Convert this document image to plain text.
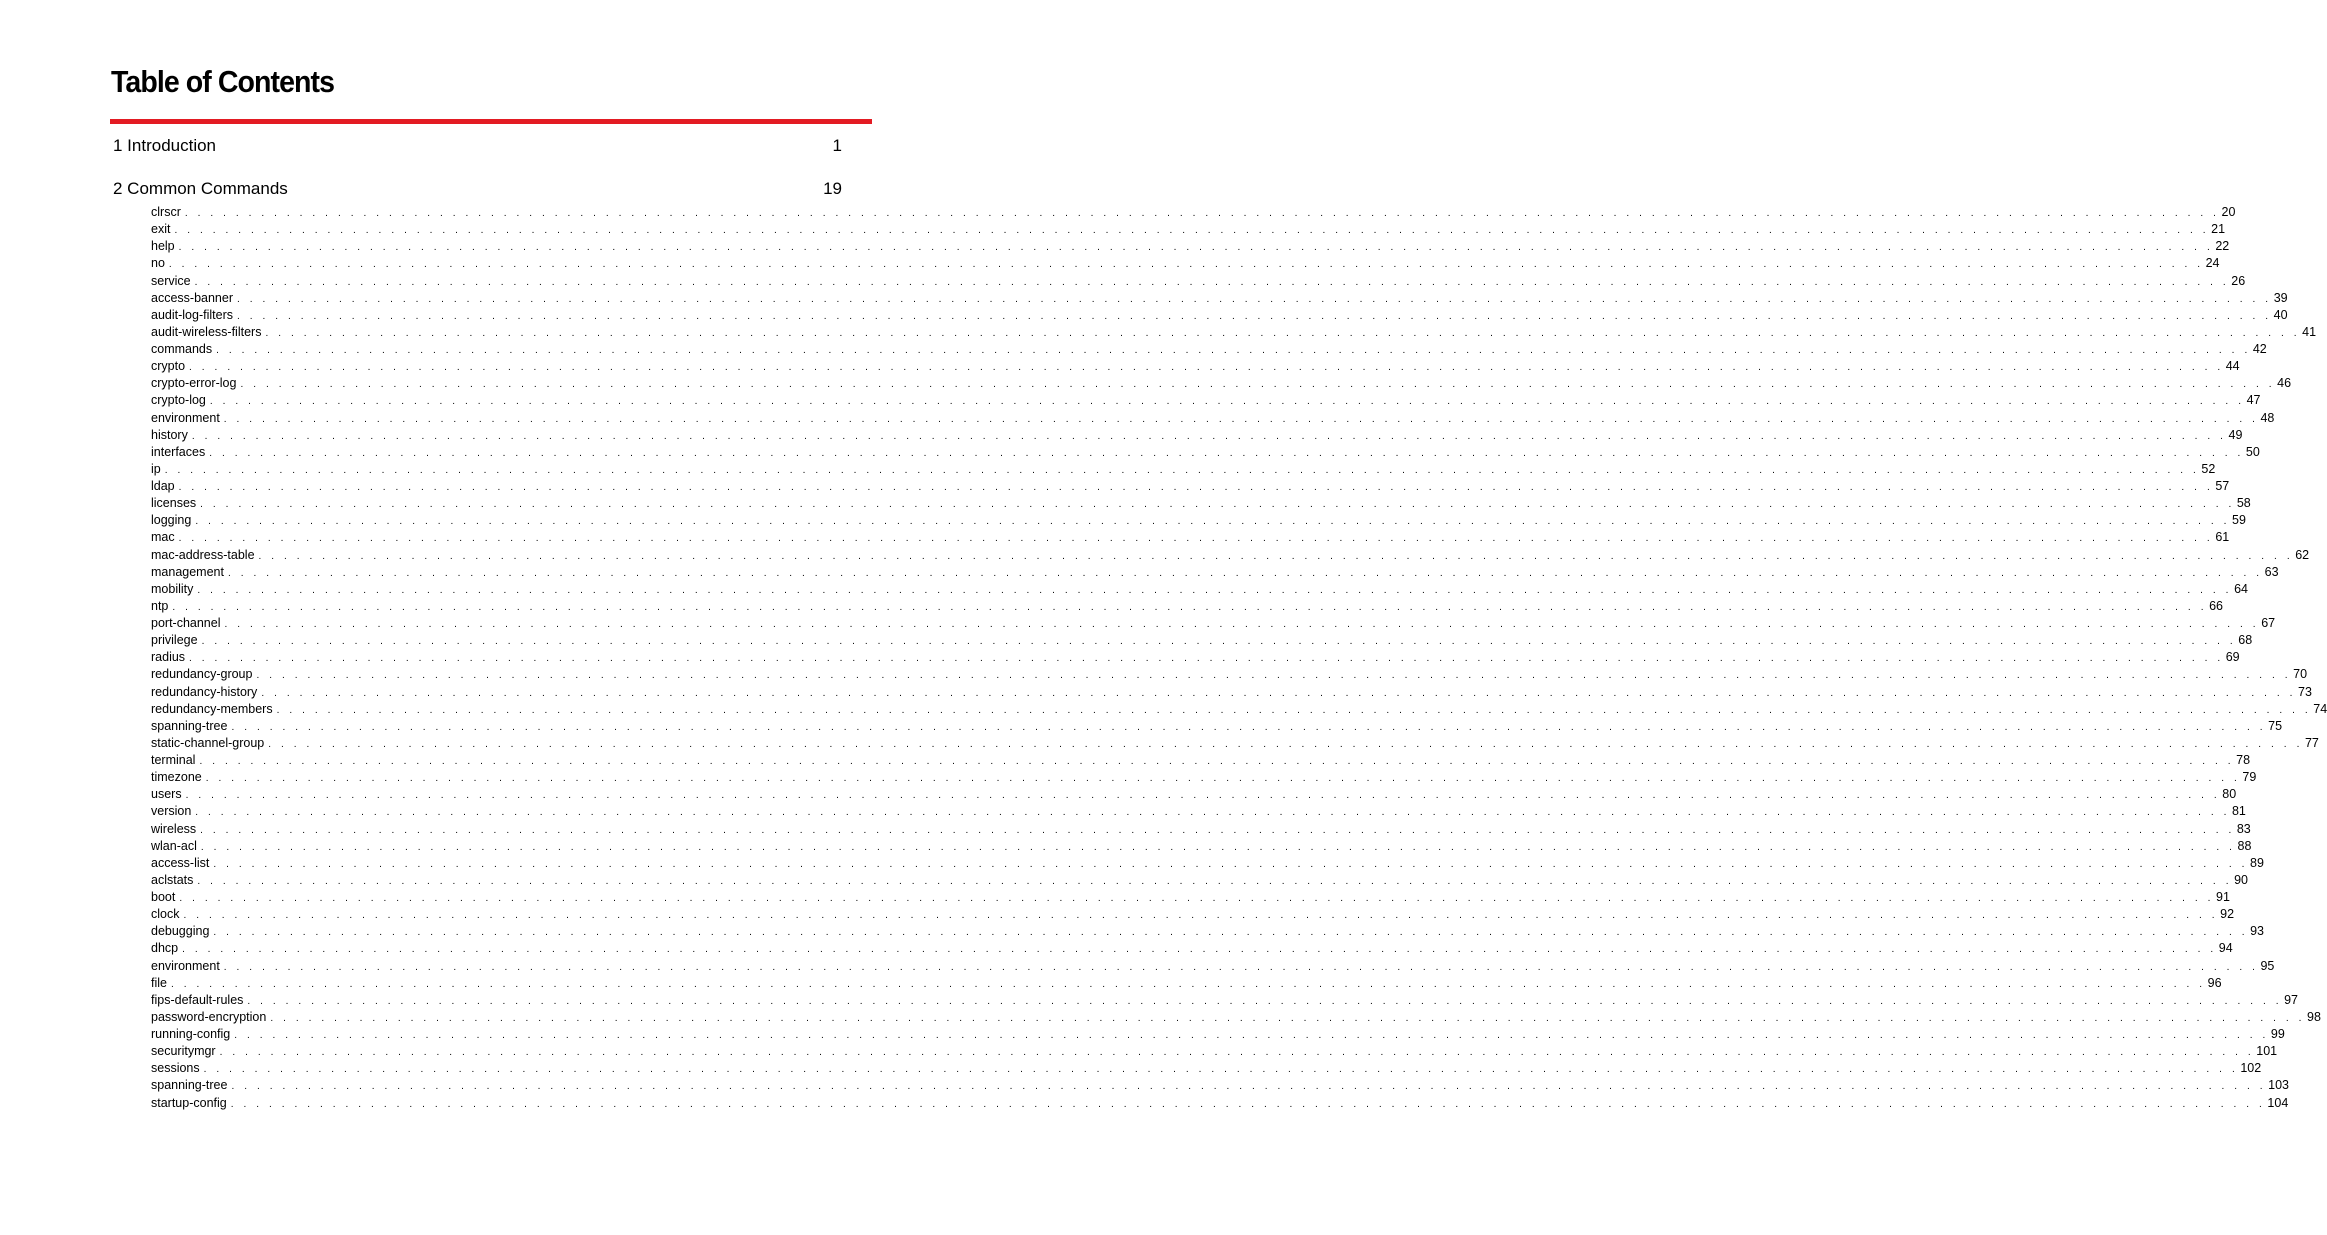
Table of Contents
1 Introduction	1
2 Common Commands	19
clrscr . . . . . . . . . . . . . . . . . . . . . . . . . . . . . . . . . . . . . . . . . . . . . . . . . . . . . . . . . . . . . . . . . . . . . . . . . . . . . . . . . . . . . . . . . . . . . . . . . . . . . . . . . . . . . . . . . . . . . . . . . . . . . . . . . . . . . . . . . . . . . . . . . . . . . . . . . . . . . . . . 20
exit . . . . . . . . . . . . . . . . . . . . . . . . . . . . . . . . . . . . . . . . . . . . . . . . . . . . . . . . . . . . . . . . . . . . . . . . . . . . . . . . . . . . . . . . . . . . . . . . . . . . . . . . . . . . . . . . . . . . . . . . . . . . . . . . . . . . . . . . . . . . . . . . . . . . . . . . . . . . . . . . 21
help . . . . . . . . . . . . . . . . . . . . . . . . . . . . . . . . . . . . . . . . . . . . . . . . . . . . . . . . . . . . . . . . . . . . . . . . . . . . . . . . . . . . . . . . . . . . . . . . . . . . . . . . . . . . . . . . . . . . . . . . . . . . . . . . . . . . . . . . . . . . . . . . . . . . . . . . . . . . . . . . 22
no . . . . . . . . . . . . . . . . . . . . . . . . . . . . . . . . . . . . . . . . . . . . . . . . . . . . . . . . . . . . . . . . . . . . . . . . . . . . . . . . . . . . . . . . . . . . . . . . . . . . . . . . . . . . . . . . . . . . . . . . . . . . . . . . . . . . . . . . . . . . . . . . . . . . . . . . . . . . . . . . 24
service . . . . . . . . . . . . . . . . . . . . . . . . . . . . . . . . . . . . . . . . . . . . . . . . . . . . . . . . . . . . . . . . . . . . . . . . . . . . . . . . . . . . . . . . . . . . . . . . . . . . . . . . . . . . . . . . . . . . . . . . . . . . . . . . . . . . . . . . . . . . . . . . . . . . . . . . . . . . . . . . 26
access-banner . . . . . . . . . . . . . . . . . . . . . . . . . . . . . . . . . . . . . . . . . . . . . . . . . . . . . . . . . . . . . . . . . . . . . . . . . . . . . . . . . . . . . . . . . . . . . . . . . . . . . . . . . . . . . . . . . . . . . . . . . . . . . . . . . . . . . . . . . . . . . . . . . . . . . . . . . . . . . . . . 39
audit-log-filters . . . . . . . . . . . . . . . . . . . . . . . . . . . . . . . . . . . . . . . . . . . . . . . . . . . . . . . . . . . . . . . . . . . . . . . . . . . . . . . . . . . . . . . . . . . . . . . . . . . . . . . . . . . . . . . . . . . . . . . . . . . . . . . . . . . . . . . . . . . . . . . . . . . . . . . . . . . . . . . . 40
audit-wireless-filters . . . . . . . . . . . . . . . . . . . . . . . . . . . . . . . . . . . . . . . . . . . . . . . . . . . . . . . . . . . . . . . . . . . . . . . . . . . . . . . . . . . . . . . . . . . . . . . . . . . . . . . . . . . . . . . . . . . . . . . . . . . . . . . . . . . . . . . . . . . . . . . . . . . . . . . . . . . . . . . . 41
commands . . . . . . . . . . . . . . . . . . . . . . . . . . . . . . . . . . . . . . . . . . . . . . . . . . . . . . . . . . . . . . . . . . . . . . . . . . . . . . . . . . . . . . . . . . . . . . . . . . . . . . . . . . . . . . . . . . . . . . . . . . . . . . . . . . . . . . . . . . . . . . . . . . . . . . . . . . . . . . . . 42
crypto . . . . . . . . . . . . . . . . . . . . . . . . . . . . . . . . . . . . . . . . . . . . . . . . . . . . . . . . . . . . . . . . . . . . . . . . . . . . . . . . . . . . . . . . . . . . . . . . . . . . . . . . . . . . . . . . . . . . . . . . . . . . . . . . . . . . . . . . . . . . . . . . . . . . . . . . . . . . . . . . 44
crypto-error-log . . . . . . . . . . . . . . . . . . . . . . . . . . . . . . . . . . . . . . . . . . . . . . . . . . . . . . . . . . . . . . . . . . . . . . . . . . . . . . . . . . . . . . . . . . . . . . . . . . . . . . . . . . . . . . . . . . . . . . . . . . . . . . . . . . . . . . . . . . . . . . . . . . . . . . . . . . . . . . . . 46
crypto-log . . . . . . . . . . . . . . . . . . . . . . . . . . . . . . . . . . . . . . . . . . . . . . . . . . . . . . . . . . . . . . . . . . . . . . . . . . . . . . . . . . . . . . . . . . . . . . . . . . . . . . . . . . . . . . . . . . . . . . . . . . . . . . . . . . . . . . . . . . . . . . . . . . . . . . . . . . . . . . . . 47
environment . . . . . . . . . . . . . . . . . . . . . . . . . . . . . . . . . . . . . . . . . . . . . . . . . . . . . . . . . . . . . . . . . . . . . . . . . . . . . . . . . . . . . . . . . . . . . . . . . . . . . . . . . . . . . . . . . . . . . . . . . . . . . . . . . . . . . . . . . . . . . . . . . . . . . . . . . . . . . . . . 48
history . . . . . . . . . . . . . . . . . . . . . . . . . . . . . . . . . . . . . . . . . . . . . . . . . . . . . . . . . . . . . . . . . . . . . . . . . . . . . . . . . . . . . . . . . . . . . . . . . . . . . . . . . . . . . . . . . . . . . . . . . . . . . . . . . . . . . . . . . . . . . . . . . . . . . . . . . . . . . . . . 49
interfaces . . . . . . . . . . . . . . . . . . . . . . . . . . . . . . . . . . . . . . . . . . . . . . . . . . . . . . . . . . . . . . . . . . . . . . . . . . . . . . . . . . . . . . . . . . . . . . . . . . . . . . . . . . . . . . . . . . . . . . . . . . . . . . . . . . . . . . . . . . . . . . . . . . . . . . . . . . . . . . . . 50
ip . . . . . . . . . . . . . . . . . . . . . . . . . . . . . . . . . . . . . . . . . . . . . . . . . . . . . . . . . . . . . . . . . . . . . . . . . . . . . . . . . . . . . . . . . . . . . . . . . . . . . . . . . . . . . . . . . . . . . . . . . . . . . . . . . . . . . . . . . . . . . . . . . . . . . . . . . . . . . . . . 52
ldap . . . . . . . . . . . . . . . . . . . . . . . . . . . . . . . . . . . . . . . . . . . . . . . . . . . . . . . . . . . . . . . . . . . . . . . . . . . . . . . . . . . . . . . . . . . . . . . . . . . . . . . . . . . . . . . . . . . . . . . . . . . . . . . . . . . . . . . . . . . . . . . . . . . . . . . . . . . . . . . . 57
licenses . . . . . . . . . . . . . . . . . . . . . . . . . . . . . . . . . . . . . . . . . . . . . . . . . . . . . . . . . . . . . . . . . . . . . . . . . . . . . . . . . . . . . . . . . . . . . . . . . . . . . . . . . . . . . . . . . . . . . . . . . . . . . . . . . . . . . . . . . . . . . . . . . . . . . . . . . . . . . . . . 58
logging . . . . . . . . . . . . . . . . . . . . . . . . . . . . . . . . . . . . . . . . . . . . . . . . . . . . . . . . . . . . . . . . . . . . . . . . . . . . . . . . . . . . . . . . . . . . . . . . . . . . . . . . . . . . . . . . . . . . . . . . . . . . . . . . . . . . . . . . . . . . . . . . . . . . . . . . . . . . . . . . 59
mac . . . . . . . . . . . . . . . . . . . . . . . . . . . . . . . . . . . . . . . . . . . . . . . . . . . . . . . . . . . . . . . . . . . . . . . . . . . . . . . . . . . . . . . . . . . . . . . . . . . . . . . . . . . . . . . . . . . . . . . . . . . . . . . . . . . . . . . . . . . . . . . . . . . . . . . . . . . . . . . . 61
mac-address-table . . . . . . . . . . . . . . . . . . . . . . . . . . . . . . . . . . . . . . . . . . . . . . . . . . . . . . . . . . . . . . . . . . . . . . . . . . . . . . . . . . . . . . . . . . . . . . . . . . . . . . . . . . . . . . . . . . . . . . . . . . . . . . . . . . . . . . . . . . . . . . . . . . . . . . . . . . . . . . . . 62
management . . . . . . . . . . . . . . . . . . . . . . . . . . . . . . . . . . . . . . . . . . . . . . . . . . . . . . . . . . . . . . . . . . . . . . . . . . . . . . . . . . . . . . . . . . . . . . . . . . . . . . . . . . . . . . . . . . . . . . . . . . . . . . . . . . . . . . . . . . . . . . . . . . . . . . . . . . . . . . . . 63
mobility . . . . . . . . . . . . . . . . . . . . . . . . . . . . . . . . . . . . . . . . . . . . . . . . . . . . . . . . . . . . . . . . . . . . . . . . . . . . . . . . . . . . . . . . . . . . . . . . . . . . . . . . . . . . . . . . . . . . . . . . . . . . . . . . . . . . . . . . . . . . . . . . . . . . . . . . . . . . . . . . 64
ntp . . . . . . . . . . . . . . . . . . . . . . . . . . . . . . . . . . . . . . . . . . . . . . . . . . . . . . . . . . . . . . . . . . . . . . . . . . . . . . . . . . . . . . . . . . . . . . . . . . . . . . . . . . . . . . . . . . . . . . . . . . . . . . . . . . . . . . . . . . . . . . . . . . . . . . . . . . . . . . . . 66
port-channel . . . . . . . . . . . . . . . . . . . . . . . . . . . . . . . . . . . . . . . . . . . . . . . . . . . . . . . . . . . . . . . . . . . . . . . . . . . . . . . . . . . . . . . . . . . . . . . . . . . . . . . . . . . . . . . . . . . . . . . . . . . . . . . . . . . . . . . . . . . . . . . . . . . . . . . . . . . . . . . . 67
privilege . . . . . . . . . . . . . . . . . . . . . . . . . . . . . . . . . . . . . . . . . . . . . . . . . . . . . . . . . . . . . . . . . . . . . . . . . . . . . . . . . . . . . . . . . . . . . . . . . . . . . . . . . . . . . . . . . . . . . . . . . . . . . . . . . . . . . . . . . . . . . . . . . . . . . . . . . . . . . . . . 68
radius . . . . . . . . . . . . . . . . . . . . . . . . . . . . . . . . . . . . . . . . . . . . . . . . . . . . . . . . . . . . . . . . . . . . . . . . . . . . . . . . . . . . . . . . . . . . . . . . . . . . . . . . . . . . . . . . . . . . . . . . . . . . . . . . . . . . . . . . . . . . . . . . . . . . . . . . . . . . . . . . 69
redundancy-group . . . . . . . . . . . . . . . . . . . . . . . . . . . . . . . . . . . . . . . . . . . . . . . . . . . . . . . . . . . . . . . . . . . . . . . . . . . . . . . . . . . . . . . . . . . . . . . . . . . . . . . . . . . . . . . . . . . . . . . . . . . . . . . . . . . . . . . . . . . . . . . . . . . . . . . . . . . . . . . . 70
redundancy-history . . . . . . . . . . . . . . . . . . . . . . . . . . . . . . . . . . . . . . . . . . . . . . . . . . . . . . . . . . . . . . . . . . . . . . . . . . . . . . . . . . . . . . . . . . . . . . . . . . . . . . . . . . . . . . . . . . . . . . . . . . . . . . . . . . . . . . . . . . . . . . . . . . . . . . . . . . . . . . . . 73
redundancy-members . . . . . . . . . . . . . . . . . . . . . . . . . . . . . . . . . . . . . . . . . . . . . . . . . . . . . . . . . . . . . . . . . . . . . . . . . . . . . . . . . . . . . . . . . . . . . . . . . . . . . . . . . . . . . . . . . . . . . . . . . . . . . . . . . . . . . . . . . . . . . . . . . . . . . . . . . . . . . . . . 74
spanning-tree . . . . . . . . . . . . . . . . . . . . . . . . . . . . . . . . . . . . . . . . . . . . . . . . . . . . . . . . . . . . . . . . . . . . . . . . . . . . . . . . . . . . . . . . . . . . . . . . . . . . . . . . . . . . . . . . . . . . . . . . . . . . . . . . . . . . . . . . . . . . . . . . . . . . . . . . . . . . . . . . 75
static-channel-group . . . . . . . . . . . . . . . . . . . . . . . . . . . . . . . . . . . . . . . . . . . . . . . . . . . . . . . . . . . . . . . . . . . . . . . . . . . . . . . . . . . . . . . . . . . . . . . . . . . . . . . . . . . . . . . . . . . . . . . . . . . . . . . . . . . . . . . . . . . . . . . . . . . . . . . . . . . . . . . . 77
terminal . . . . . . . . . . . . . . . . . . . . . . . . . . . . . . . . . . . . . . . . . . . . . . . . . . . . . . . . . . . . . . . . . . . . . . . . . . . . . . . . . . . . . . . . . . . . . . . . . . . . . . . . . . . . . . . . . . . . . . . . . . . . . . . . . . . . . . . . . . . . . . . . . . . . . . . . . . . . . . . . 78
timezone . . . . . . . . . . . . . . . . . . . . . . . . . . . . . . . . . . . . . . . . . . . . . . . . . . . . . . . . . . . . . . . . . . . . . . . . . . . . . . . . . . . . . . . . . . . . . . . . . . . . . . . . . . . . . . . . . . . . . . . . . . . . . . . . . . . . . . . . . . . . . . . . . . . . . . . . . . . . . . . . 79
users . . . . . . . . . . . . . . . . . . . . . . . . . . . . . . . . . . . . . . . . . . . . . . . . . . . . . . . . . . . . . . . . . . . . . . . . . . . . . . . . . . . . . . . . . . . . . . . . . . . . . . . . . . . . . . . . . . . . . . . . . . . . . . . . . . . . . . . . . . . . . . . . . . . . . . . . . . . . . . . . 80
version . . . . . . . . . . . . . . . . . . . . . . . . . . . . . . . . . . . . . . . . . . . . . . . . . . . . . . . . . . . . . . . . . . . . . . . . . . . . . . . . . . . . . . . . . . . . . . . . . . . . . . . . . . . . . . . . . . . . . . . . . . . . . . . . . . . . . . . . . . . . . . . . . . . . . . . . . . . . . . . . 81
wireless . . . . . . . . . . . . . . . . . . . . . . . . . . . . . . . . . . . . . . . . . . . . . . . . . . . . . . . . . . . . . . . . . . . . . . . . . . . . . . . . . . . . . . . . . . . . . . . . . . . . . . . . . . . . . . . . . . . . . . . . . . . . . . . . . . . . . . . . . . . . . . . . . . . . . . . . . . . . . . . . 83
wlan-acl . . . . . . . . . . . . . . . . . . . . . . . . . . . . . . . . . . . . . . . . . . . . . . . . . . . . . . . . . . . . . . . . . . . . . . . . . . . . . . . . . . . . . . . . . . . . . . . . . . . . . . . . . . . . . . . . . . . . . . . . . . . . . . . . . . . . . . . . . . . . . . . . . . . . . . . . . . . . . . . . 88
access-list . . . . . . . . . . . . . . . . . . . . . . . . . . . . . . . . . . . . . . . . . . . . . . . . . . . . . . . . . . . . . . . . . . . . . . . . . . . . . . . . . . . . . . . . . . . . . . . . . . . . . . . . . . . . . . . . . . . . . . . . . . . . . . . . . . . . . . . . . . . . . . . . . . . . . . . . . . . . . . . . 89
aclstats . . . . . . . . . . . . . . . . . . . . . . . . . . . . . . . . . . . . . . . . . . . . . . . . . . . . . . . . . . . . . . . . . . . . . . . . . . . . . . . . . . . . . . . . . . . . . . . . . . . . . . . . . . . . . . . . . . . . . . . . . . . . . . . . . . . . . . . . . . . . . . . . . . . . . . . . . . . . . . . . 90
boot . . . . . . . . . . . . . . . . . . . . . . . . . . . . . . . . . . . . . . . . . . . . . . . . . . . . . . . . . . . . . . . . . . . . . . . . . . . . . . . . . . . . . . . . . . . . . . . . . . . . . . . . . . . . . . . . . . . . . . . . . . . . . . . . . . . . . . . . . . . . . . . . . . . . . . . . . . . . . . . . 91
clock . . . . . . . . . . . . . . . . . . . . . . . . . . . . . . . . . . . . . . . . . . . . . . . . . . . . . . . . . . . . . . . . . . . . . . . . . . . . . . . . . . . . . . . . . . . . . . . . . . . . . . . . . . . . . . . . . . . . . . . . . . . . . . . . . . . . . . . . . . . . . . . . . . . . . . . . . . . . . . . . 92
debugging . . . . . . . . . . . . . . . . . . . . . . . . . . . . . . . . . . . . . . . . . . . . . . . . . . . . . . . . . . . . . . . . . . . . . . . . . . . . . . . . . . . . . . . . . . . . . . . . . . . . . . . . . . . . . . . . . . . . . . . . . . . . . . . . . . . . . . . . . . . . . . . . . . . . . . . . . . . . . . . . 93
dhcp . . . . . . . . . . . . . . . . . . . . . . . . . . . . . . . . . . . . . . . . . . . . . . . . . . . . . . . . . . . . . . . . . . . . . . . . . . . . . . . . . . . . . . . . . . . . . . . . . . . . . . . . . . . . . . . . . . . . . . . . . . . . . . . . . . . . . . . . . . . . . . . . . . . . . . . . . . . . . . . . 94
environment . . . . . . . . . . . . . . . . . . . . . . . . . . . . . . . . . . . . . . . . . . . . . . . . . . . . . . . . . . . . . . . . . . . . . . . . . . . . . . . . . . . . . . . . . . . . . . . . . . . . . . . . . . . . . . . . . . . . . . . . . . . . . . . . . . . . . . . . . . . . . . . . . . . . . . . . . . . . . . . . 95
file . . . . . . . . . . . . . . . . . . . . . . . . . . . . . . . . . . . . . . . . . . . . . . . . . . . . . . . . . . . . . . . . . . . . . . . . . . . . . . . . . . . . . . . . . . . . . . . . . . . . . . . . . . . . . . . . . . . . . . . . . . . . . . . . . . . . . . . . . . . . . . . . . . . . . . . . . . . . . . . . 96
fips-default-rules . . . . . . . . . . . . . . . . . . . . . . . . . . . . . . . . . . . . . . . . . . . . . . . . . . . . . . . . . . . . . . . . . . . . . . . . . . . . . . . . . . . . . . . . . . . . . . . . . . . . . . . . . . . . . . . . . . . . . . . . . . . . . . . . . . . . . . . . . . . . . . . . . . . . . . . . . . . . . . . . 97
password-encryption . . . . . . . . . . . . . . . . . . . . . . . . . . . . . . . . . . . . . . . . . . . . . . . . . . . . . . . . . . . . . . . . . . . . . . . . . . . . . . . . . . . . . . . . . . . . . . . . . . . . . . . . . . . . . . . . . . . . . . . . . . . . . . . . . . . . . . . . . . . . . . . . . . . . . . . . . . . . . . . . 98
running-config . . . . . . . . . . . . . . . . . . . . . . . . . . . . . . . . . . . . . . . . . . . . . . . . . . . . . . . . . . . . . . . . . . . . . . . . . . . . . . . . . . . . . . . . . . . . . . . . . . . . . . . . . . . . . . . . . . . . . . . . . . . . . . . . . . . . . . . . . . . . . . . . . . . . . . . . . . . . . . . . 99
securitymgr . . . . . . . . . . . . . . . . . . . . . . . . . . . . . . . . . . . . . . . . . . . . . . . . . . . . . . . . . . . . . . . . . . . . . . . . . . . . . . . . . . . . . . . . . . . . . . . . . . . . . . . . . . . . . . . . . . . . . . . . . . . . . . . . . . . . . . . . . . . . . . . . . . . . . . . . . . . . . . . . 101
sessions . . . . . . . . . . . . . . . . . . . . . . . . . . . . . . . . . . . . . . . . . . . . . . . . . . . . . . . . . . . . . . . . . . . . . . . . . . . . . . . . . . . . . . . . . . . . . . . . . . . . . . . . . . . . . . . . . . . . . . . . . . . . . . . . . . . . . . . . . . . . . . . . . . . . . . . . . . . . . . . . 102
spanning-tree . . . . . . . . . . . . . . . . . . . . . . . . . . . . . . . . . . . . . . . . . . . . . . . . . . . . . . . . . . . . . . . . . . . . . . . . . . . . . . . . . . . . . . . . . . . . . . . . . . . . . . . . . . . . . . . . . . . . . . . . . . . . . . . . . . . . . . . . . . . . . . . . . . . . . . . . . . . . . . . . 103
startup-config . . . . . . . . . . . . . . . . . . . . . . . . . . . . . . . . . . . . . . . . . . . . . . . . . . . . . . . . . . . . . . . . . . . . . . . . . . . . . . . . . . . . . . . . . . . . . . . . . . . . . . . . . . . . . . . . . . . . . . . . . . . . . . . . . . . . . . . . . . . . . . . . . . . . . . . . . . . . . . . . 104
